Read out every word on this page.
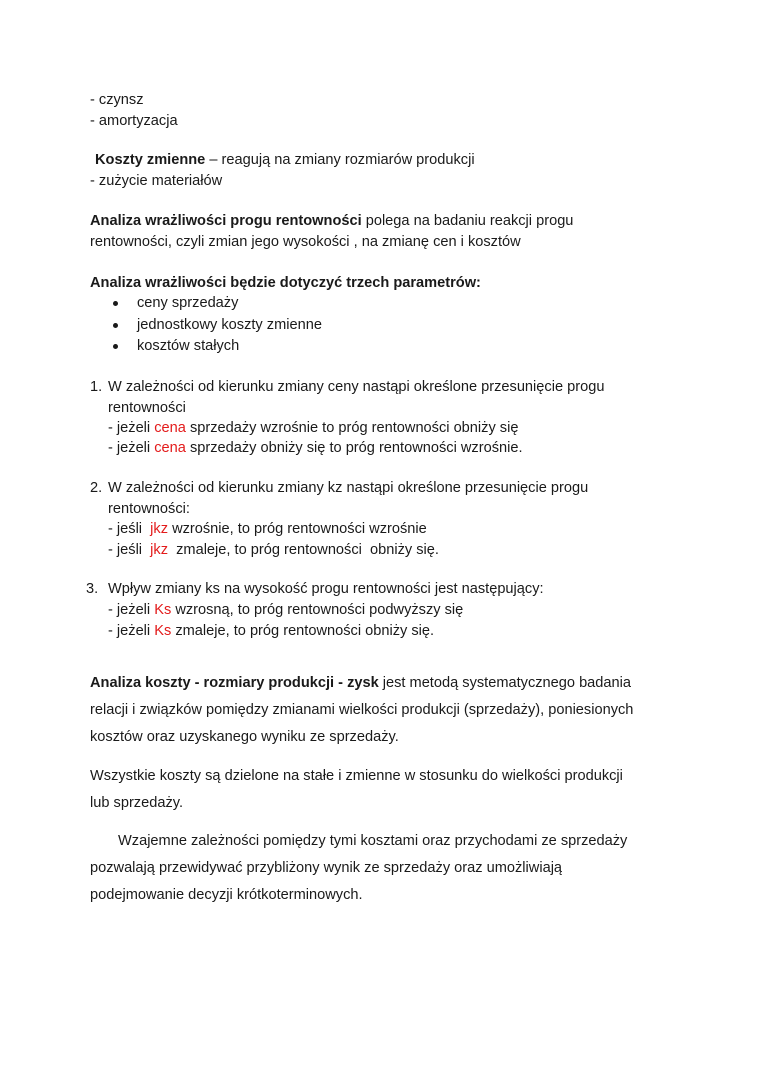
- czynsz
- amortyzacja
Koszty zmienne – reagują na zmiany rozmiarów produkcji
- zużycie materiałów
Analiza wrażliwości progu rentowności polega na badaniu reakcji progu
rentowności, czyli zmian jego wysokości , na zmianę cen i kosztów
Analiza wrażliwości będzie dotyczyć trzech parametrów:
ceny sprzedaży
jednostkowy koszty zmienne
kosztów stałych
1. W zależności od kierunku zmiany ceny nastąpi określone przesunięcie progu
rentowności
- jeżeli cena sprzedaży wzrośnie to próg rentowności obniży się
- jeżeli cena sprzedaży obniży się to próg rentowności wzrośnie.
2. W zależności od kierunku zmiany kz nastąpi określone przesunięcie progu
rentowności:
- jeśli  jkz wzrośnie, to próg rentowności wzrośnie
- jeśli  jkz  zmaleje, to próg rentowności  obniży się.
3. Wpływ zmiany ks na wysokość progu rentowności jest następujący:
- jeżeli Ks wzrosną, to próg rentowności podwyższy się
- jeżeli Ks zmaleje, to próg rentowności obniży się.
Analiza koszty - rozmiary produkcji - zysk jest metodą systematycznego badania
relacji i związków pomiędzy zmianami wielkości produkcji (sprzedaży), poniesionych
kosztów oraz uzyskanego wyniku ze sprzedaży.
Wszystkie koszty są dzielone na stałe i zmienne w stosunku do wielkości produkcji
lub sprzedaży.
Wzajemne zależności pomiędzy tymi kosztami oraz przychodami ze sprzedaży
pozwalają przewidywać przybliżony wynik ze sprzedaży oraz umożliwiają
podejmowanie decyzji krótkoterminowych.
